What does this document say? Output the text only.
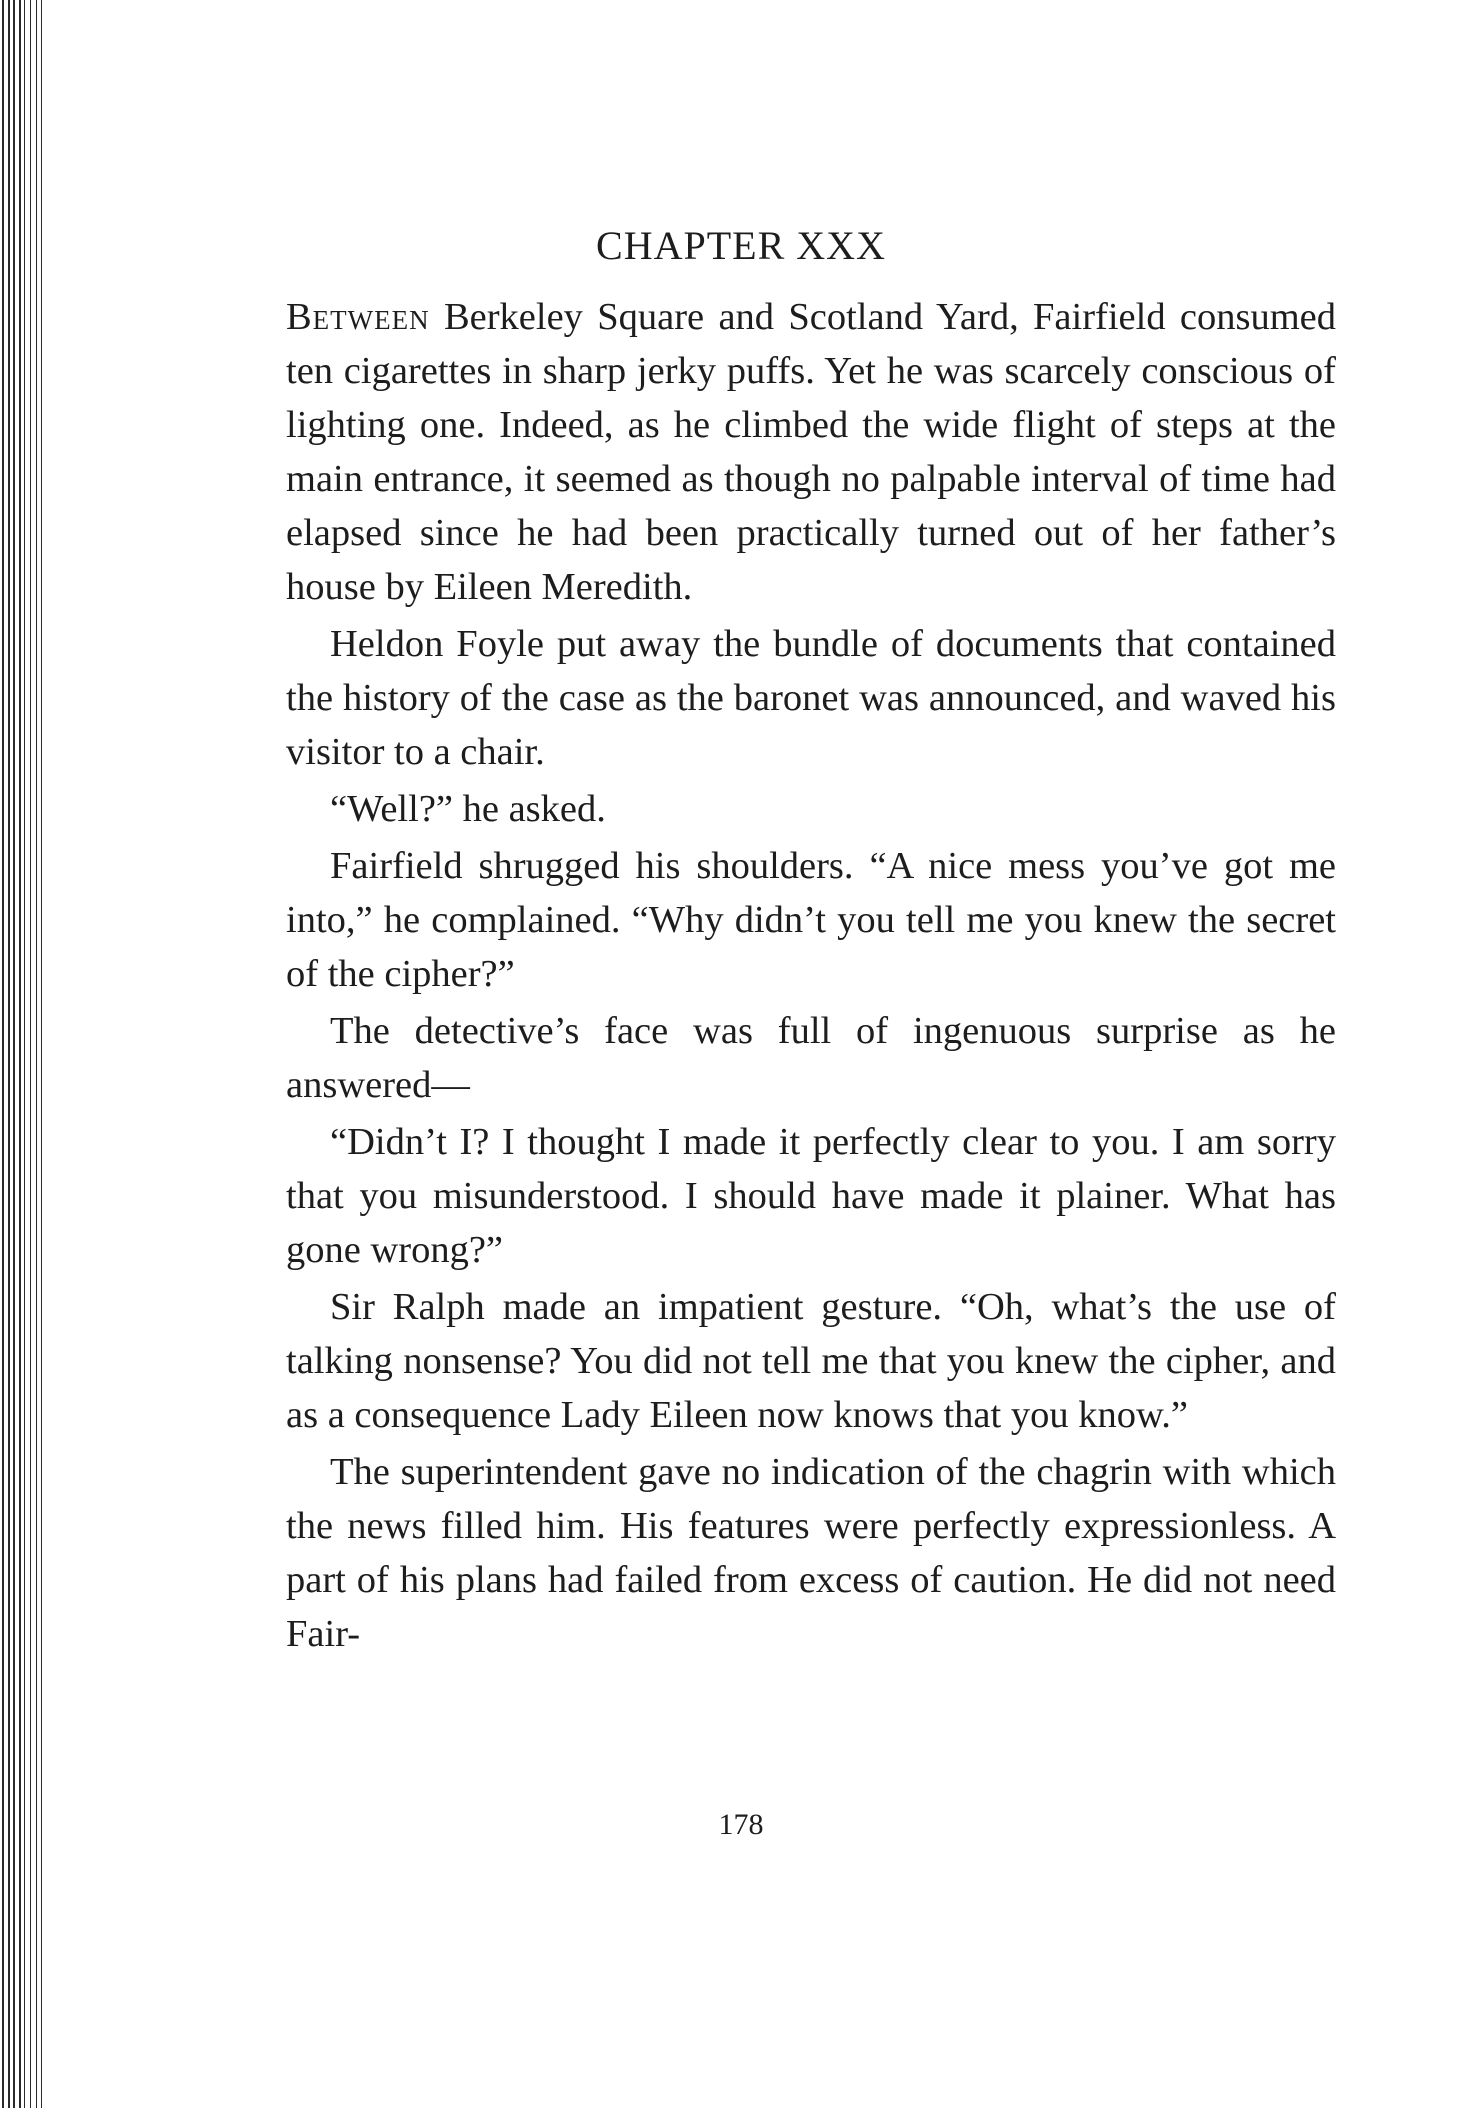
CHAPTER XXX

Between Berkeley Square and Scotland Yard, Fairfield consumed ten cigarettes in sharp jerky puffs. Yet he was scarcely conscious of lighting one. Indeed, as he climbed the wide flight of steps at the main entrance, it seemed as though no palpable interval of time had elapsed since he had been practically turned out of her father’s house by Eileen Meredith.

Heldon Foyle put away the bundle of documents that contained the history of the case as the baronet was announced, and waved his visitor to a chair.

“Well?” he asked.

Fairfield shrugged his shoulders. “A nice mess you’ve got me into,” he complained. “Why didn’t you tell me you knew the secret of the cipher?”

The detective’s face was full of ingenuous surprise as he answered—

“Didn’t I? I thought I made it perfectly clear to you. I am sorry that you misunderstood. I should have made it plainer. What has gone wrong?”

Sir Ralph made an impatient gesture. “Oh, what’s the use of talking nonsense? You did not tell me that you knew the cipher, and as a consequence Lady Eileen now knows that you know.”

The superintendent gave no indication of the chagrin with which the news filled him. His features were perfectly expressionless. A part of his plans had failed from excess of caution. He did not need Fair-

178
